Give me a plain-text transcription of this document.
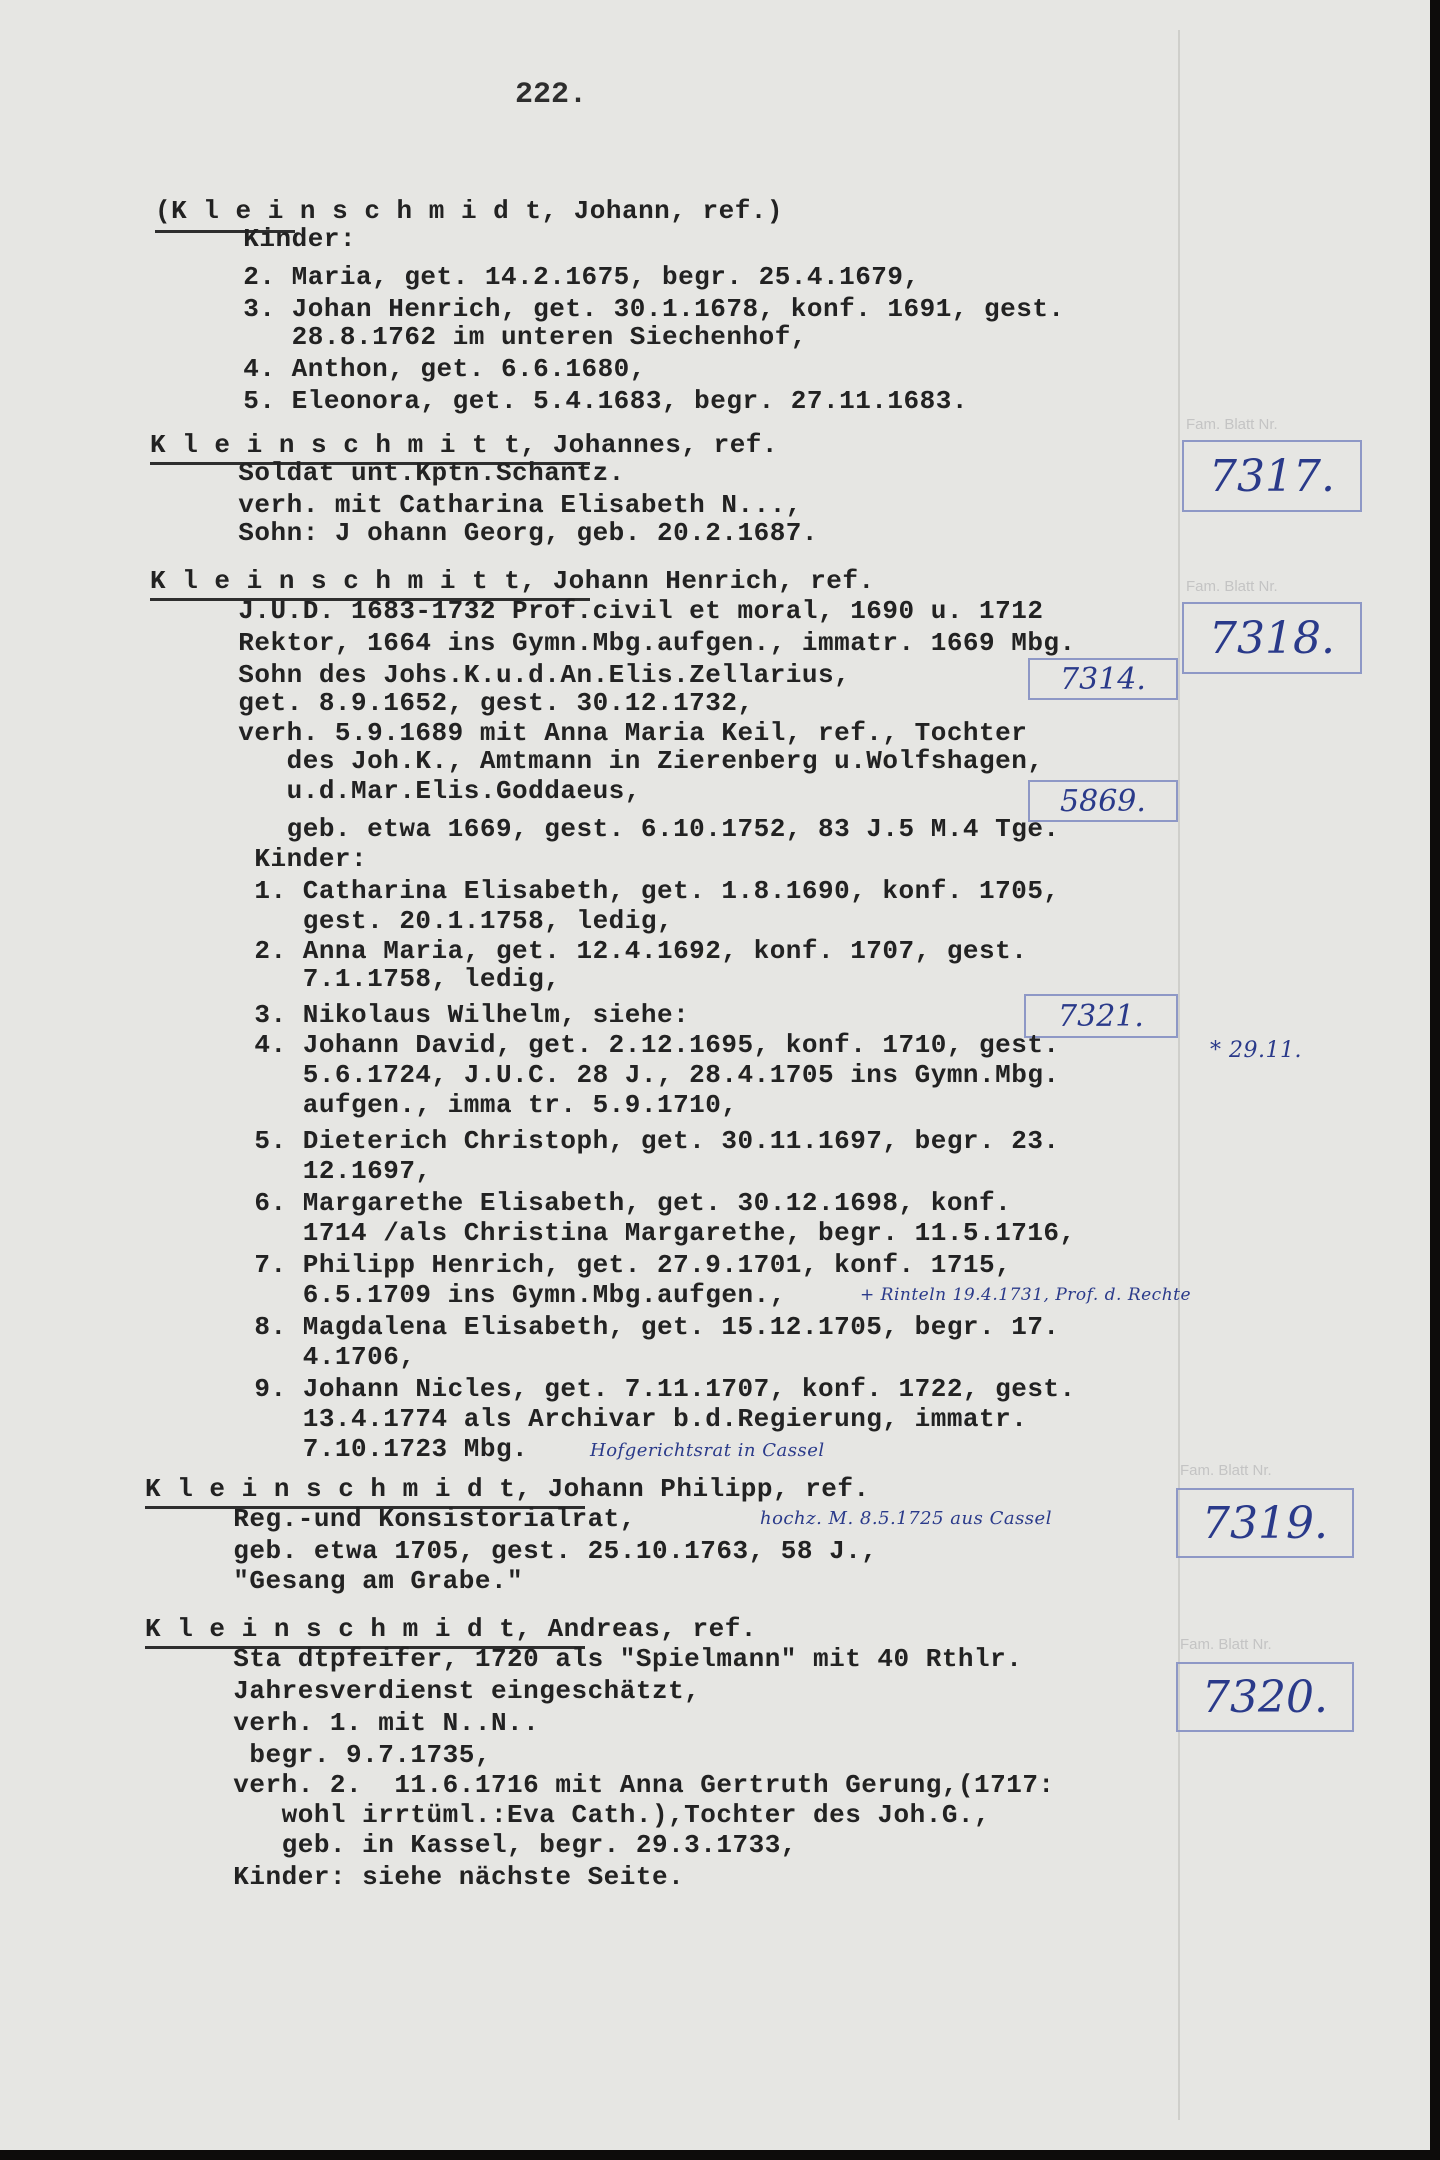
222.
(K l e i n s c h m i d t, Johann, ref.)
Kinder:
2. Maria, get. 14.2.1675, begr. 25.4.1679,
3. Johan Henrich, get. 30.1.1678, konf. 1691, gest.
28.8.1762 im unteren Siechenhof,
4. Anthon, get. 6.6.1680,
5. Eleonora, get. 5.4.1683, begr. 27.11.1683.
Fam. Blatt Nr.
7317.
K l e i n s c h m i t t, Johannes, ref.
Soldat unt.Kptn.Schantz.
verh. mit Catharina Elisabeth N...,
Sohn: J ohann Georg, geb. 20.2.1687.
Fam. Blatt Nr.
7318.
K l e i n s c h m i t t, Johann Henrich, ref.
J.U.D. 1683-1732 Prof.civil et moral, 1690 u. 1712
Rektor, 1664 ins Gymn.Mbg.aufgen., immatr. 1669 Mbg.
Sohn des Johs.K.u.d.An.Elis.Zellarius,	7314.
get. 8.9.1652, gest. 30.12.1732,
verh. 5.9.1689 mit Anna Maria Keil, ref., Tochter
des Joh.K., Amtmann in Zierenberg u.Wolfshagen,
u.d.Mar.Elis.Goddaeus,	5869.
geb. etwa 1669, gest. 6.10.1752, 83 J.5 M.4 Tge.
Kinder:
1. Catharina Elisabeth, get. 1.8.1690, konf. 1705,
gest. 20.1.1758, ledig,
2. Anna Maria, get. 12.4.1692, konf. 1707, gest.
7.1.1758, ledig,
3. Nikolaus Wilhelm, siehe:	7321.
4. Johann David, get. 2.12.1695, konf. 1710, gest.	* 29.11.
5.6.1724, J.U.C. 28 J., 28.4.1705 ins Gymn.Mbg.
aufgen., imma tr. 5.9.1710,
5. Dieterich Christoph, get. 30.11.1697, begr. 23.
12.1697,
6. Margarethe Elisabeth, get. 30.12.1698, konf.
1714 /als Christina Margarethe, begr. 11.5.1716,
7. Philipp Henrich, get. 27.9.1701, konf. 1715,
6.5.1709 ins Gymn.Mbg.aufgen.,	+ Rinteln 19.4.1731, Prof. d. Rechte
8. Magdalena Elisabeth, get. 15.12.1705, begr. 17.
4.1706,
9. Johann Nicles, get. 7.11.1707, konf. 1722, gest.
13.4.1774 als Archivar b.d.Regierung, immatr.
7.10.1723 Mbg.	Hofgerichtsrat in Cassel
Fam. Blatt Nr.
7319.
K l e i n s c h m i d t, Johann Philipp, ref.
Reg.-und Konsistorialrat,	hochz. M. 8.5.1725 aus Cassel
geb. etwa 1705, gest. 25.10.1763, 58 J.,
"Gesang am Grabe."
Fam. Blatt Nr.
7320.
K l e i n s c h m i d t, Andreas, ref.
Sta dtpfeifer, 1720 als "Spielmann" mit 40 Rthlr.
Jahresverdienst eingeschätzt,
verh. 1. mit N..N..
begr. 9.7.1735,
verh. 2.  11.6.1716 mit Anna Gertruth Gerung,(1717:
wohl irrtüml.:Eva Cath.),Tochter des Joh.G.,
geb. in Kassel, begr. 29.3.1733,
Kinder: siehe nächste Seite.
